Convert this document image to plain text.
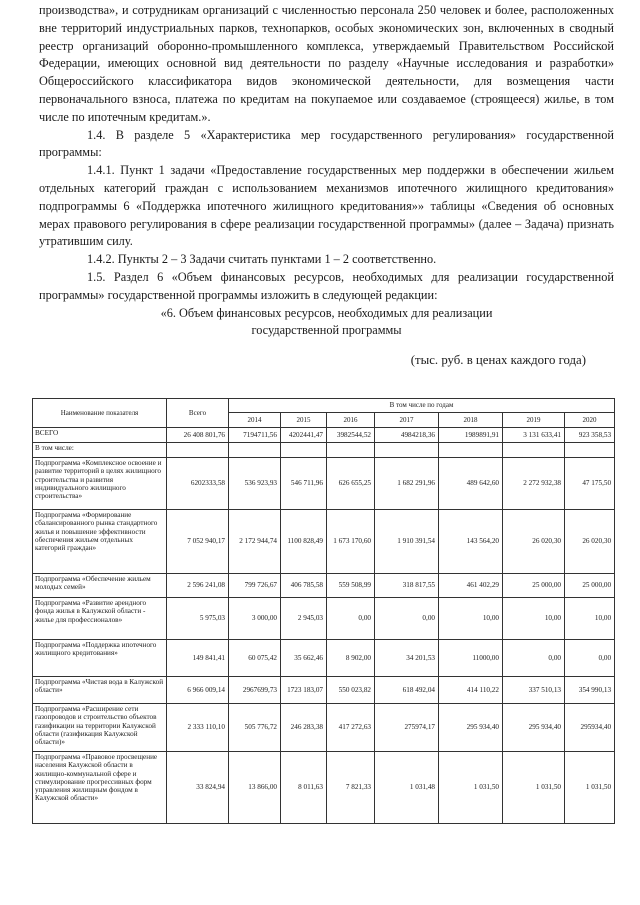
производства», и сотрудникам организаций с численностью персонала 250 человек и более, расположенных вне территорий индустриальных парков, технопарков, особых экономических зон, включенных в сводный реестр организаций оборонно-промышленного комплекса, утверждаемый Правительством Российской Федерации, имеющих основной вид деятельности по разделу «Научные исследования и разработки» Общероссийского классификатора видов экономической деятельности, для возмещения части первоначального взноса, платежа по кредитам на покупаемое или создаваемое (строящееся) жилье, в том числе по ипотечным кредитам.».

1.4. В разделе 5 «Характеристика мер государственного регулирования» государственной программы:

1.4.1. Пункт 1 задачи «Предоставление государственных мер поддержки в обеспечении жильем отдельных категорий граждан с использованием механизмов ипотечного жилищного кредитования» подпрограммы 6 «Поддержка ипотечного жилищного кредитования»» таблицы «Сведения об основных мерах правового регулирования в сфере реализации государственной программы» (далее – Задача) признать утратившим силу.

1.4.2. Пункты 2 – 3 Задачи считать пунктами 1 – 2 соответственно.

1.5. Раздел 6 «Объем финансовых ресурсов, необходимых для реализации государственной программы» государственной программы изложить в следующей редакции:

«6. Объем финансовых ресурсов, необходимых для реализации

государственной программы

(тыс. руб. в ценах каждого года)

Наименование показателя	Всего	В том числе по годам						
		2014	2015	2016	2017	2018	2019	2020
ВСЕГО	26 408 801,76	7194711,56	4202441,47	3982544,52	4984218,36	1989891,91	3 131 633,41	923 358,53
В том числе:								
Подпрограмма «Комплексное освоение и развитие территорий в целях жилищного строительства и развития индивидуального жилищного строительства»	6202333,58	536 923,93	546 711,96	626 655,25	1 682 291,96	489 642,60	2 272 932,38	47 175,50
Подпрограмма «Формирование сбалансированного рынка стандартного жилья и повышение эффективности обеспечения жильем отдельных категорий граждан»	7 052 940,17	2 172 944,74	1100 828,49	1 673 170,60	1 910 391,54	143 564,20	26 020,30	26 020,30
Подпрограмма «Обеспечение жильем молодых семей»	2 596 241,08	799 726,67	406 785,58	559 508,99	318 817,55	461 402,29	25 000,00	25 000,00
Подпрограмма «Развитие арендного фонда жилья в Калужской области - жилье для профессионалов»	5 975,03	3 000,00	2 945,03	0,00	0,00	10,00	10,00	10,00
Подпрограмма «Поддержка ипотечного жилищного кредитования»	149 841,41	60 075,42	35 662,46	8 902,00	34 201,53	11000,00	0,00	0,00
Подпрограмма «Чистая вода в Калужской области»	6 966 009,14	2967699,73	1723 183,07	550 023,82	618 492,04	414 110,22	337 510,13	354 990,13
Подпрограмма «Расширение сети газопроводов и строительство объектов газификации на территории Калужской области (газификация Калужской области)»	2 333 110,10	505 776,72	246 283,38	417 272,63	275974,17	295 934,40	295 934,40	295934,40
Подпрограмма «Правовое просвещение населения Калужской области в жилищно-коммунальной сфере и стимулирование прогрессивных форм управления жилищным фондом в Калужской области»	33 824,94	13 866,00	8 011,63	7 821,33	1 031,48	1 031,50	1 031,50	1 031,50
